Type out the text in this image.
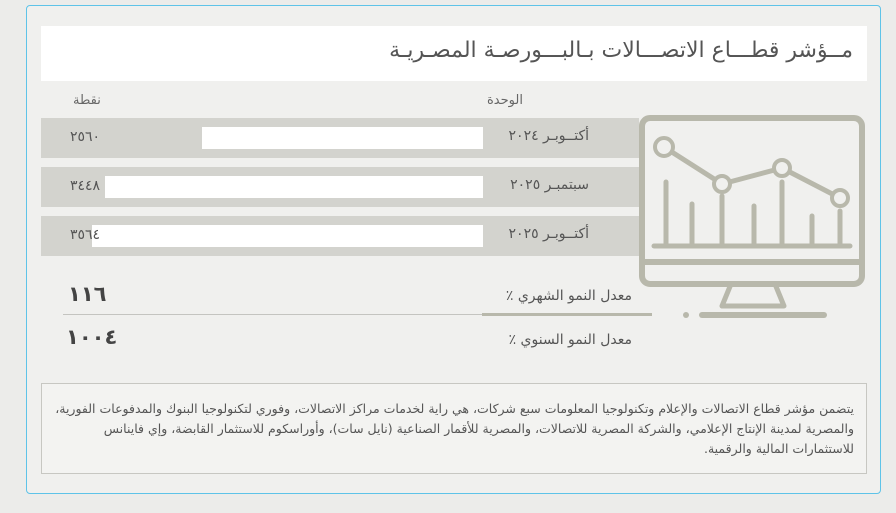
مــؤشر قطـــاع الاتصـــالات بـالبـــورصـة المصـريـة
الوحدة
نقطة
أكتــوبـر ٢٠٢٤
٢٥٦٠
سبتمبـر ٢٠٢٥
٣٤٤٨
أكتــوبـر ٢٠٢٥
٣٥٦٤
معدل النمو الشهري ٪
١١٦
معدل النمو السنوي ٪
١٠٠٤

يتضمن مؤشر قطاع الاتصالات والإعلام وتكنولوجيا المعلومات سبع شركات، هي راية لخدمات مراكز الاتصالات، وفوري لتكنولوجيا البنوك والمدفوعات الفورية، والمصرية لمدينة الإنتاج الإعلامي، والشركة المصرية للاتصالات، والمصرية للأقمار الصناعية (نايل سات)، وأوراسكوم للاستثمار القابضة، وإي فاينانس للاستثمارات المالية والرقمية.
